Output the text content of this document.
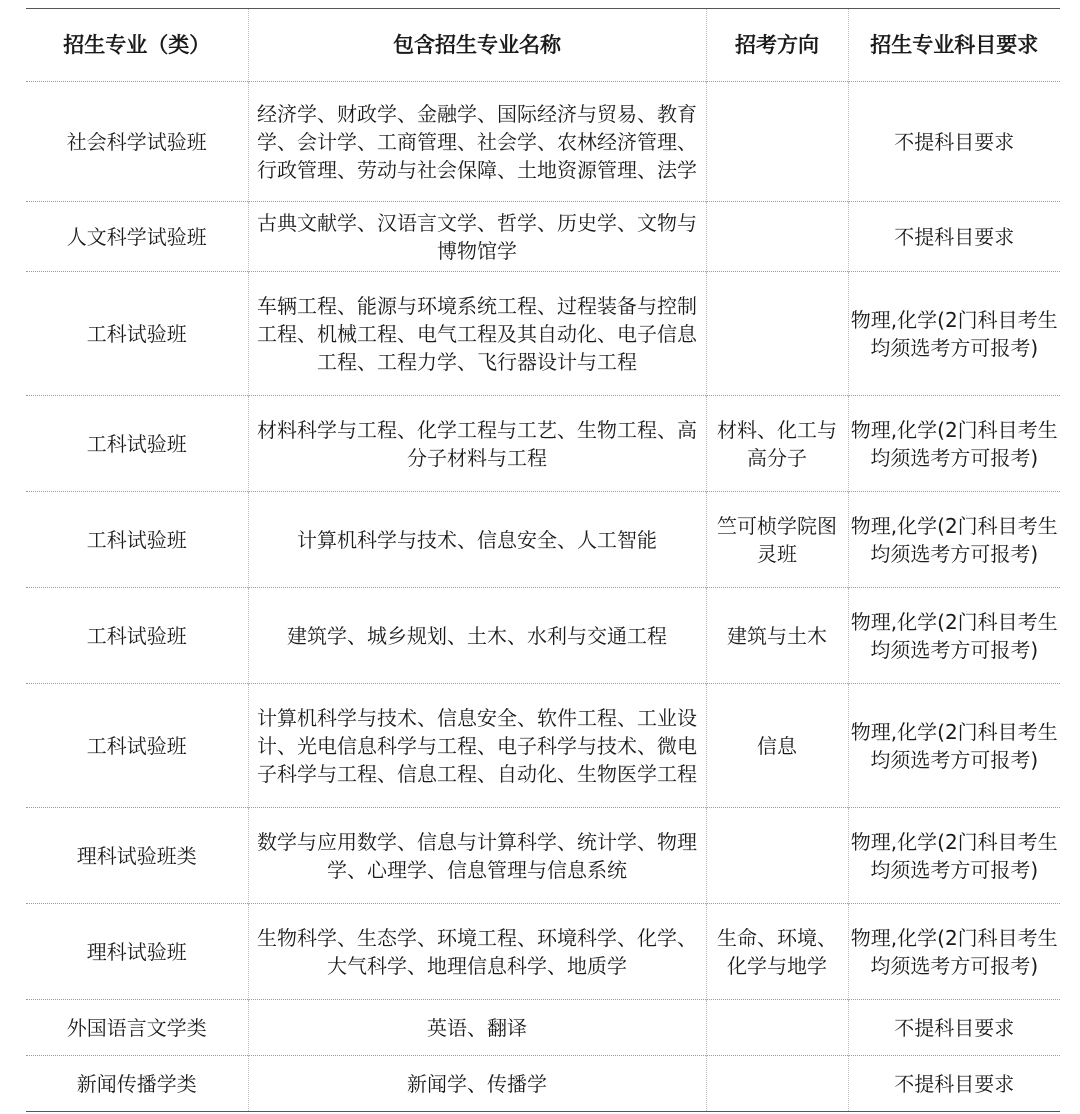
招生专业（类）	包含招生专业名称	招考方向	招生专业科目要求
社会科学试验班	经济学、财政学、金融学、国际经济与贸易、教育学、会计学、工商管理、社会学、农林经济管理、行政管理、劳动与社会保障、土地资源管理、法学		不提科目要求
人文科学试验班	古典文献学、汉语言文学、哲学、历史学、文物与博物馆学		不提科目要求
工科试验班	车辆工程、能源与环境系统工程、过程装备与控制工程、机械工程、电气工程及其自动化、电子信息工程、工程力学、飞行器设计与工程		物理,化学(2门科目考生均须选考方可报考)
工科试验班	材料科学与工程、化学工程与工艺、生物工程、高分子材料与工程	材料、化工与高分子	物理,化学(2门科目考生均须选考方可报考)
工科试验班	计算机科学与技术、信息安全、人工智能	竺可桢学院图灵班	物理,化学(2门科目考生均须选考方可报考)
工科试验班	建筑学、城乡规划、土木、水利与交通工程	建筑与土木	物理,化学(2门科目考生均须选考方可报考)
工科试验班	计算机科学与技术、信息安全、软件工程、工业设计、光电信息科学与工程、电子科学与技术、微电子科学与工程、信息工程、自动化、生物医学工程	信息	物理,化学(2门科目考生均须选考方可报考)
理科试验班类	数学与应用数学、信息与计算科学、统计学、物理学、心理学、信息管理与信息系统		物理,化学(2门科目考生均须选考方可报考)
理科试验班	生物科学、生态学、环境工程、环境科学、化学、大气科学、地理信息科学、地质学	生命、环境、化学与地学	物理,化学(2门科目考生均须选考方可报考)
外国语言文学类	英语、翻译		不提科目要求
新闻传播学类	新闻学、传播学		不提科目要求
